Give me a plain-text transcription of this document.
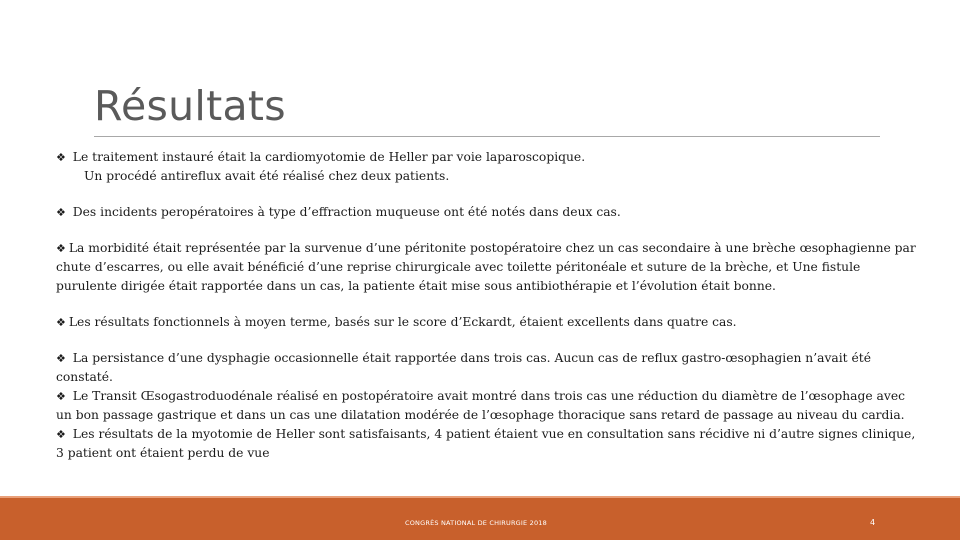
Résultats

❖ Le traitement instauré était la cardiomyotomie de Heller par voie laparoscopique.
Un procédé antireflux avait été réalisé chez deux patients.

❖ Des incidents peropératoires à type d’effraction muqueuse ont été notés dans deux cas.

❖ La morbidité était représentée par la survenue d’une péritonite postopératoire chez un cas secondaire à une brèche œsophagienne par chute d’escarres, ou elle avait bénéficié d’une reprise chirurgicale avec toilette péritonéale et suture de la brèche, et Une fistule purulente dirigée était rapportée dans un cas, la patiente était mise sous antibiothérapie et l’évolution était bonne.

❖ Les résultats fonctionnels à moyen terme, basés sur le score d’Eckardt, étaient excellents dans quatre cas.

❖ La persistance d’une dysphagie occasionnelle était rapportée dans trois cas. Aucun cas de reflux gastro-œsophagien n’avait été constaté.

❖ Le Transit Œsogastroduodénale réalisé en postopératoire avait montré dans trois cas une réduction du diamètre de l’œsophage avec un bon passage gastrique et dans un cas une dilatation modérée de l’œsophage thoracique sans retard de passage au niveau du cardia.

❖ Les résultats de la myotomie de Heller sont satisfaisants, 4 patient étaient vue en consultation sans récidive ni d’autre signes clinique, 3 patient ont étaient perdu de vue

CONGRÈS NATIONAL DE CHIRURGIE 2018	4
